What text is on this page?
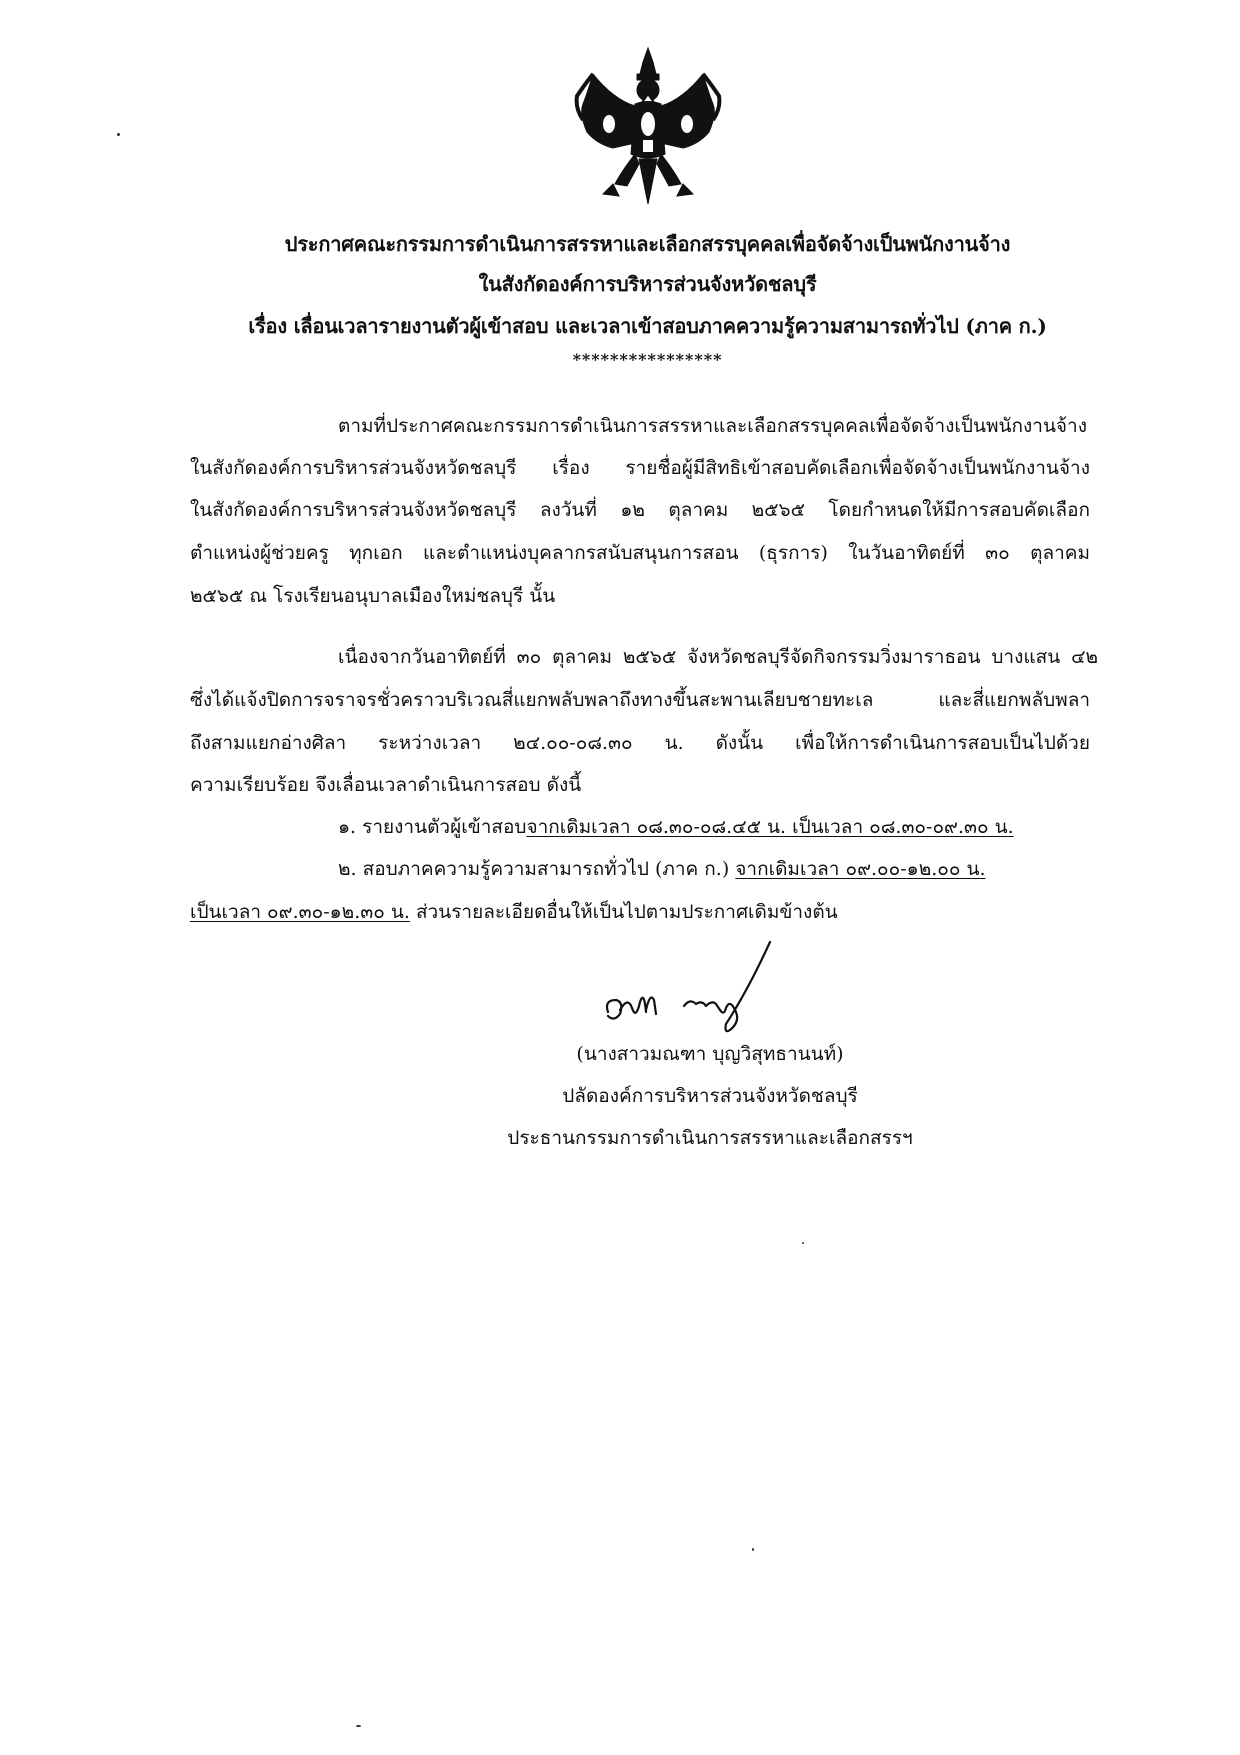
ประกาศคณะกรรมการดำเนินการสรรหาและเลือกสรรบุคคลเพื่อจัดจ้างเป็นพนักงานจ้าง
ในสังกัดองค์การบริหารส่วนจังหวัดชลบุรี
เรื่อง เลื่อนเวลารายงานตัวผู้เข้าสอบ และเวลาเข้าสอบภาคความรู้ความสามารถทั่วไป (ภาค ก.)
****************
ตามที่ประกาศคณะกรรมการดำเนินการสรรหาและเลือกสรรบุคคลเพื่อจัดจ้างเป็นพนักงานจ้าง
ในสังกัดองค์การบริหารส่วนจังหวัดชลบุรี เรื่อง รายชื่อผู้มีสิทธิเข้าสอบคัดเลือกเพื่อจัดจ้างเป็นพนักงานจ้าง
ในสังกัดองค์การบริหารส่วนจังหวัดชลบุรี ลงวันที่ ๑๒ ตุลาคม ๒๕๖๕ โดยกำหนดให้มีการสอบคัดเลือก
ตำแหน่งผู้ช่วยครู ทุกเอก และตำแหน่งบุคลากรสนับสนุนการสอน (ธุรการ) ในวันอาทิตย์ที่ ๓๐ ตุลาคม
๒๕๖๕ ณ โรงเรียนอนุบาลเมืองใหม่ชลบุรี นั้น
เนื่องจากวันอาทิตย์ที่ ๓๐ ตุลาคม ๒๕๖๕ จังหวัดชลบุรีจัดกิจกรรมวิ่งมาราธอน บางแสน ๔๒
ซึ่งได้แจ้งปิดการจราจรชั่วคราวบริเวณสี่แยกพลับพลาถึงทางขึ้นสะพานเลียบชายทะเล และสี่แยกพลับพลา
ถึงสามแยกอ่างศิลา ระหว่างเวลา ๒๔.๐๐-๐๘.๓๐ น. ดังนั้น เพื่อให้การดำเนินการสอบเป็นไปด้วย
ความเรียบร้อย จึงเลื่อนเวลาดำเนินการสอบ ดังนี้
๑. รายงานตัวผู้เข้าสอบจากเดิมเวลา ๐๘.๓๐-๐๘.๔๕ น. เป็นเวลา ๐๘.๓๐-๐๙.๓๐ น.
๒. สอบภาคความรู้ความสามารถทั่วไป (ภาค ก.) จากเดิมเวลา ๐๙.๐๐-๑๒.๐๐ น.
เป็นเวลา ๐๙.๓๐-๑๒.๓๐ น. ส่วนรายละเอียดอื่นให้เป็นไปตามประกาศเดิมข้างต้น
(นางสาวมณฑา บุญวิสุทธานนท์)
ปลัดองค์การบริหารส่วนจังหวัดชลบุรี
ประธานกรรมการดำเนินการสรรหาและเลือกสรรฯ
